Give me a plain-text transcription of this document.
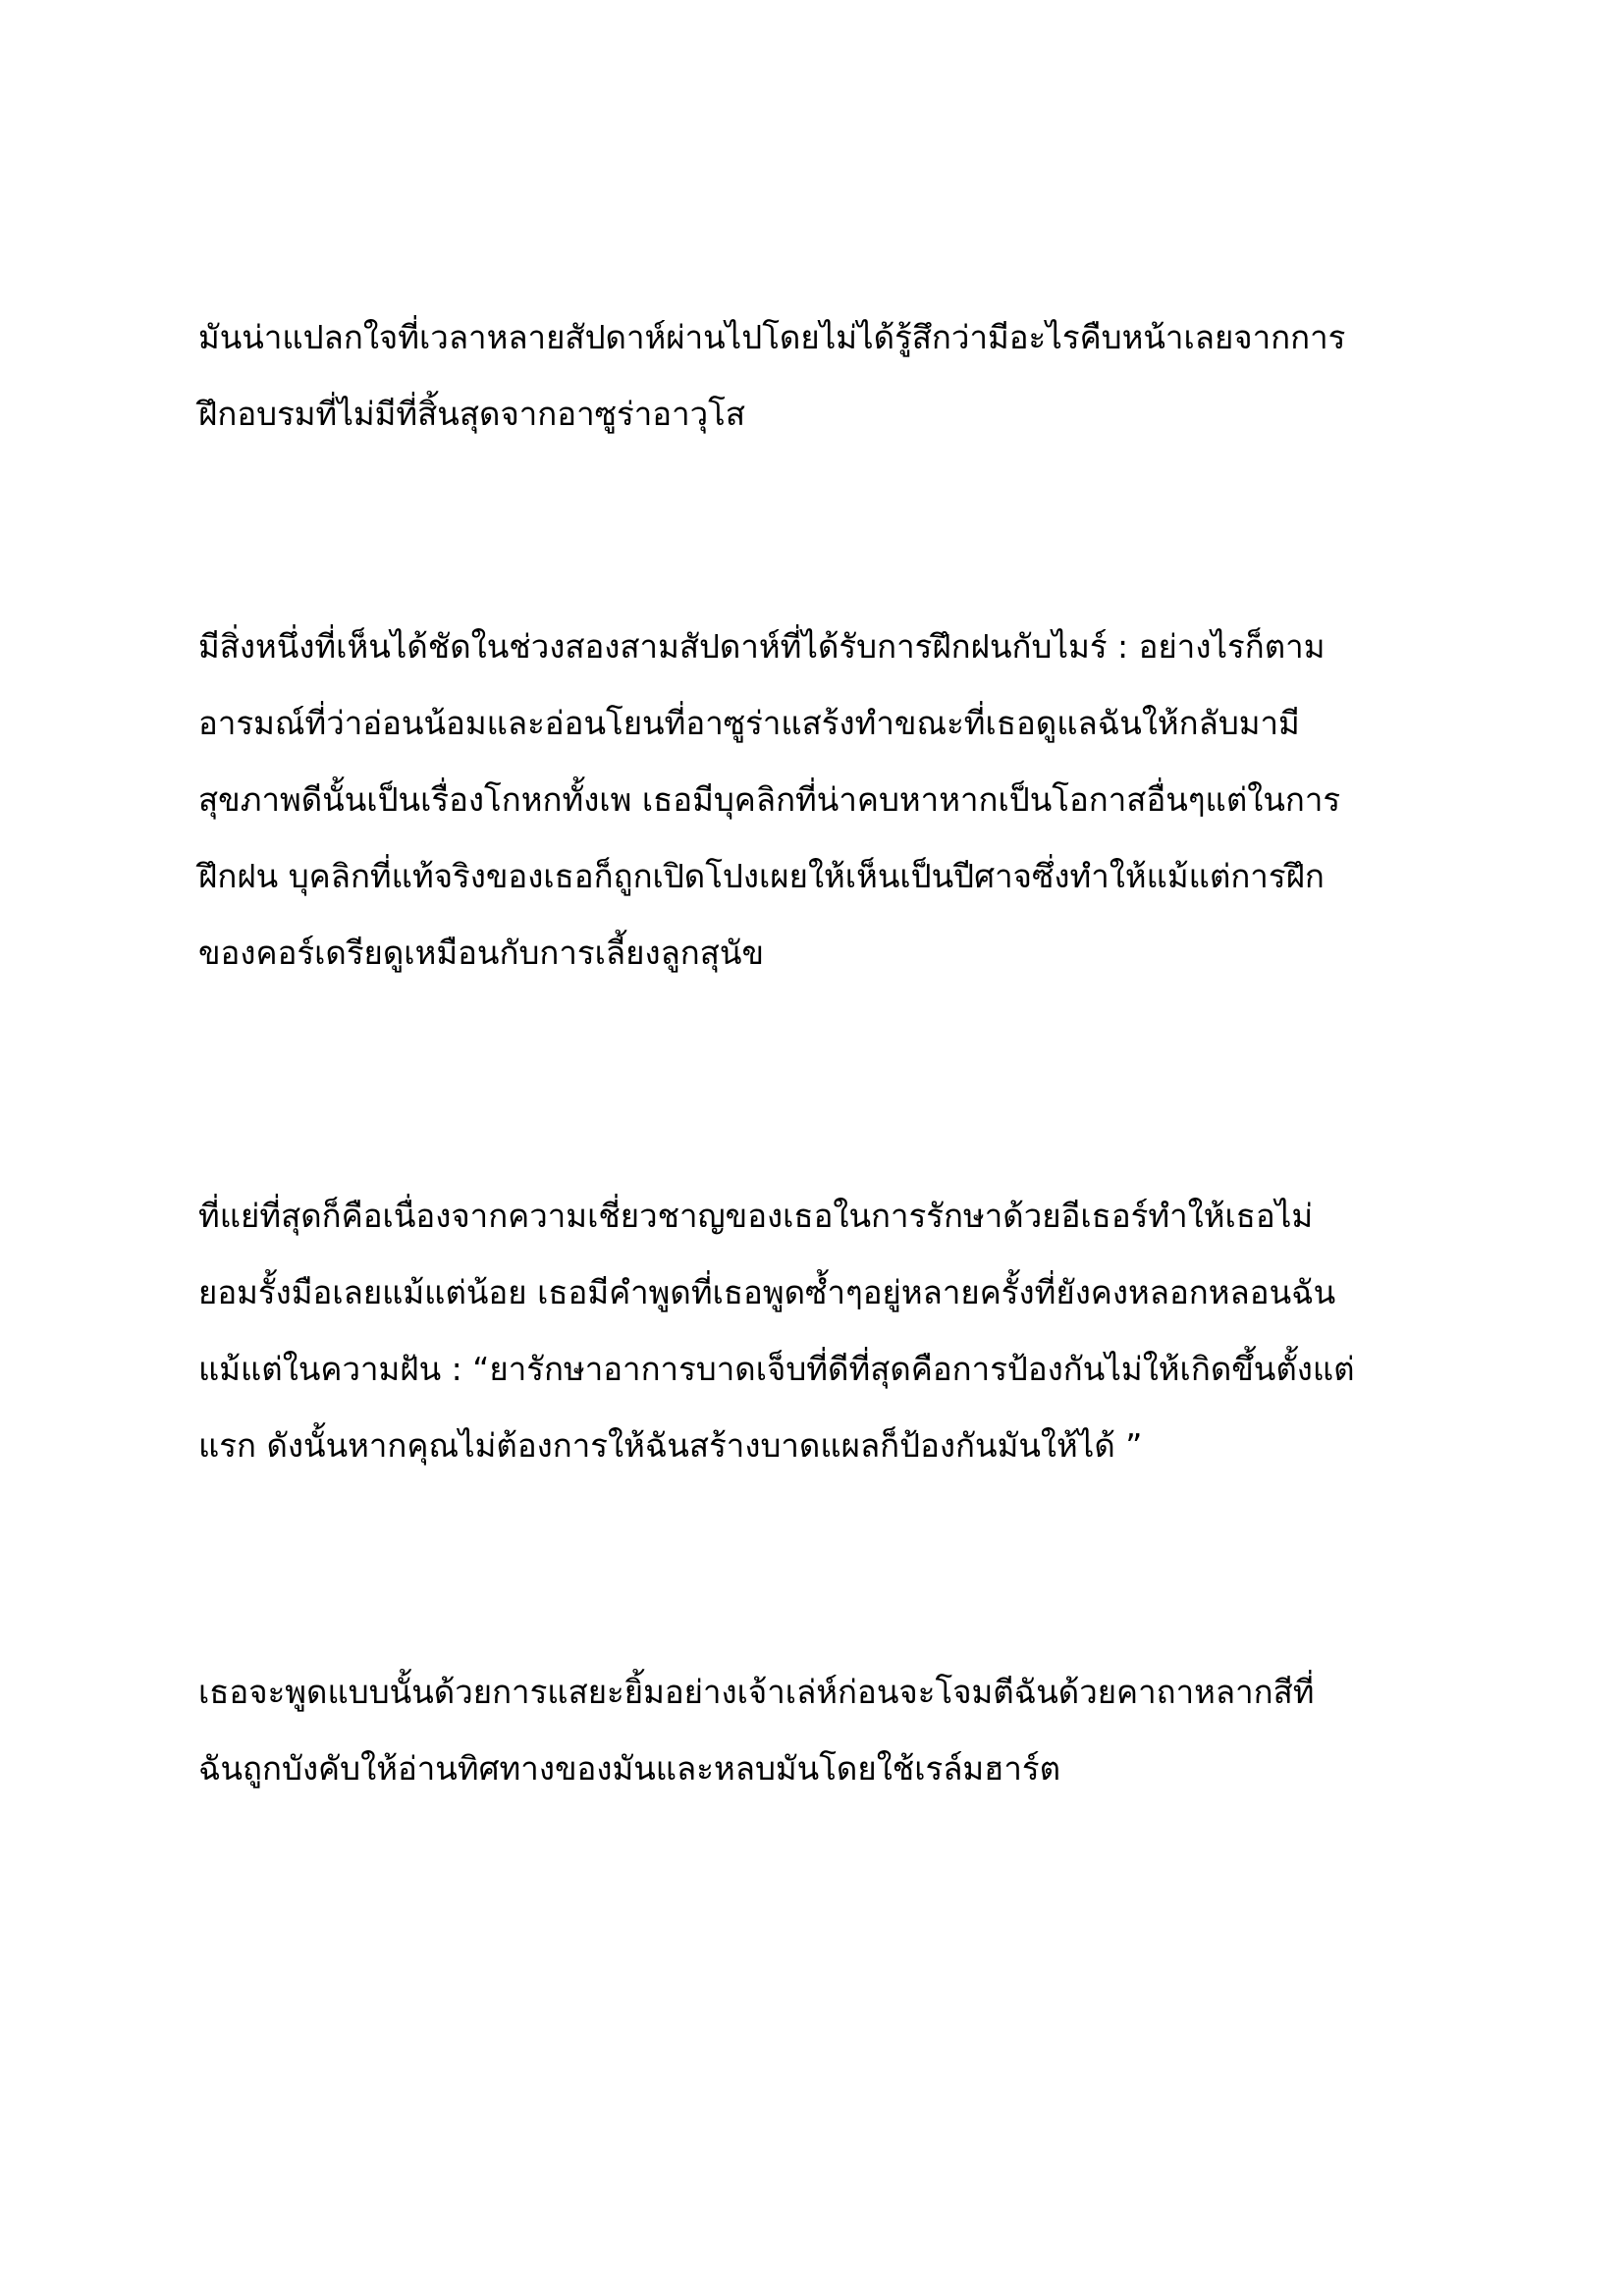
มันน่าแปลกใจที่เวลาหลายสัปดาห์ผ่านไปโดยไม่ได้รู้สึกว่ามีอะไรคืบหน้าเลยจากการ
ฝึกอบรมที่ไม่มีที่สิ้นสุดจากอาซูร่าอาวุโส
มีสิ่งหนึ่งที่เห็นได้ชัดในช่วงสองสามสัปดาห์ที่ได้รับการฝึกฝนกับไมร์ : อย่างไรก็ตาม
อารมณ์ที่ว่าอ่อนน้อมและอ่อนโยนที่อาซูร่าแสร้งทำขณะที่เธอดูแลฉันให้กลับมามี
สุขภาพดีนั้นเป็นเรื่องโกหกทั้งเพ เธอมีบุคลิกที่น่าคบหาหากเป็นโอกาสอื่นๆแต่ในการ
ฝึกฝน บุคลิกที่แท้จริงของเธอก็ถูกเปิดโปงเผยให้เห็นเป็นปีศาจซึ่งทำให้แม้แต่การฝึก
ของคอร์เดรียดูเหมือนกับการเลี้ยงลูกสุนัข
ที่แย่ที่สุดก็คือเนื่องจากความเชี่ยวชาญของเธอในการรักษาด้วยอีเธอร์ทำให้เธอไม่
ยอมรั้งมือเลยแม้แต่น้อย เธอมีคำพูดที่เธอพูดซ้ำๆอยู่หลายครั้งที่ยังคงหลอกหลอนฉัน
แม้แต่ในความฝัน : “ยารักษาอาการบาดเจ็บที่ดีที่สุดคือการป้องกันไม่ให้เกิดขึ้นตั้งแต่
แรก ดังนั้นหากคุณไม่ต้องการให้ฉันสร้างบาดแผลก็ป้องกันมันให้ได้ ”
เธอจะพูดแบบนั้นด้วยการแสยะยิ้มอย่างเจ้าเล่ห์ก่อนจะโจมตีฉันด้วยคาถาหลากสีที่
ฉันถูกบังคับให้อ่านทิศทางของมันและหลบมันโดยใช้เรล์มฮาร์ต
